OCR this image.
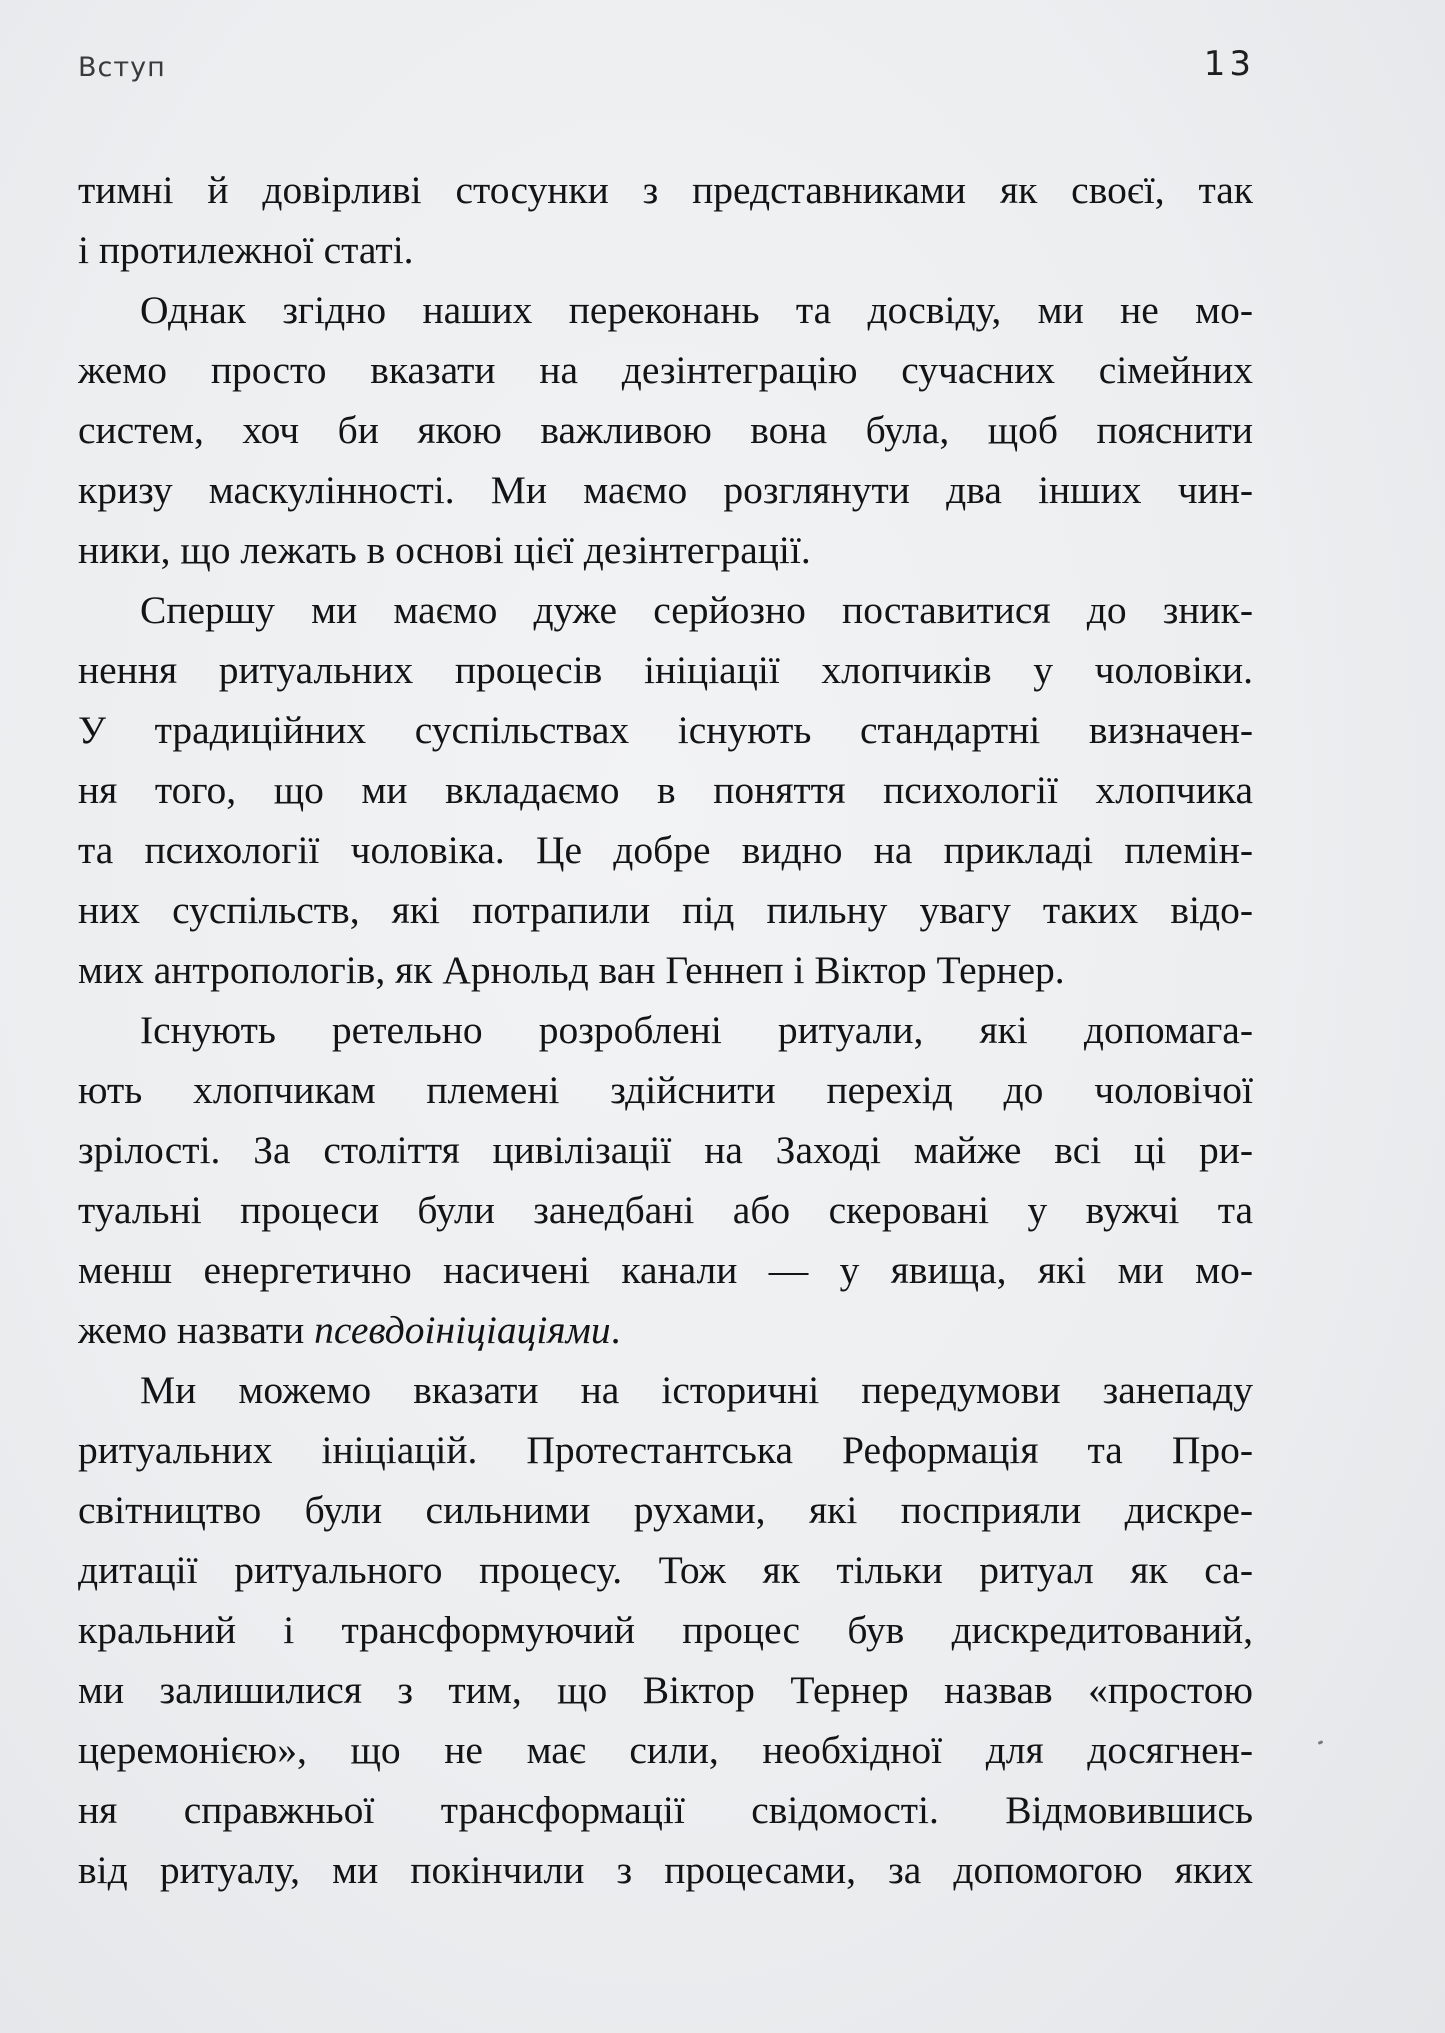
Вступ	13
тимні й довірливі стосунки з представниками як своєї, так
і протилежної статі.
Однак згідно наших переконань та досвіду, ми не мо-
жемо просто вказати на дезінтеграцію сучасних сімейних
систем, хоч би якою важливою вона була, щоб пояснити
кризу маскулінності. Ми маємо розглянути два інших чин-
ники, що лежать в основі цієї дезінтеграції.
Спершу ми маємо дуже серйозно поставитися до зник-
нення ритуальних процесів ініціації хлопчиків у чоловіки.
У традиційних суспільствах існують стандартні визначен-
ня того, що ми вкладаємо в поняття психології хлопчика
та психології чоловіка. Це добре видно на прикладі племін-
них суспільств, які потрапили під пильну увагу таких відо-
мих антропологів, як Арнольд ван Геннеп і Віктор Тернер.
Існують ретельно розроблені ритуали, які допомага-
ють хлопчикам племені здійснити перехід до чоловічої
зрілості. За століття цивілізації на Заході майже всі ці ри-
туальні процеси були занедбані або скеровані у вужчі та
менш енергетично насичені канали — у явища, які ми мо-
жемо назвати псевдоініціаціями.
Ми можемо вказати на історичні передумови занепаду
ритуальних ініціацій. Протестантська Реформація та Про-
світництво були сильними рухами, які посприяли дискре-
дитації ритуального процесу. Тож як тільки ритуал як са-
кральний і трансформуючий процес був дискредитований,
ми залишилися з тим, що Віктор Тернер назвав «простою
церемонією», що не має сили, необхідної для досягнен-
ня справжньої трансформації свідомості. Відмовившись
від ритуалу, ми покінчили з процесами, за допомогою яких
